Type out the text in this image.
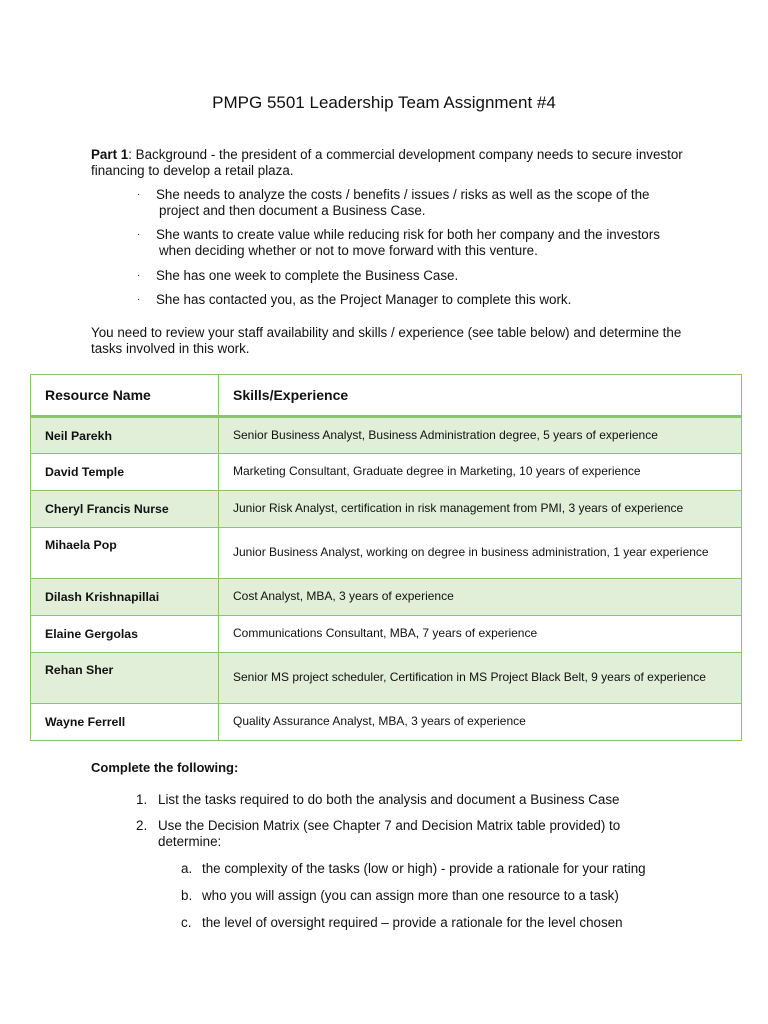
PMPG 5501 Leadership Team Assignment #4
Part 1: Background - the president of a commercial development company needs to secure investor financing to develop a retail plaza.
·	She needs to analyze the costs / benefits / issues / risks as well as the scope of the
project and then document a Business Case.
·	She wants to create value while reducing risk for both her company and the investors
when deciding whether or not to move forward with this venture.
·	She has one week to complete the Business Case.
·	She has contacted you, as the Project Manager to complete this work.
You need to review your staff availability and skills / experience (see table below) and determine the tasks involved in this work.
Resource Name	Skills/Experience
Neil Parekh	Senior Business Analyst, Business Administration degree, 5 years of experience
David Temple	Marketing Consultant, Graduate degree in Marketing, 10 years of experience
Cheryl Francis Nurse	Junior Risk Analyst, certification in risk management from PMI, 3 years of experience
Mihaela Pop	Junior Business Analyst, working on degree in business administration, 1 year experience
Dilash Krishnapillai	Cost Analyst, MBA, 3 years of experience
Elaine Gergolas	Communications Consultant, MBA, 7 years of experience
Rehan Sher	Senior MS project scheduler, Certification in MS Project Black Belt, 9 years of experience
Wayne Ferrell	Quality Assurance Analyst, MBA, 3 years of experience
Complete the following:
1. List the tasks required to do both the analysis and document a Business Case
2. Use the Decision Matrix (see Chapter 7 and Decision Matrix table provided) to determine:
a. the complexity of the tasks (low or high) - provide a rationale for your rating
b. who you will assign (you can assign more than one resource to a task)
c. the level of oversight required – provide a rationale for the level chosen
